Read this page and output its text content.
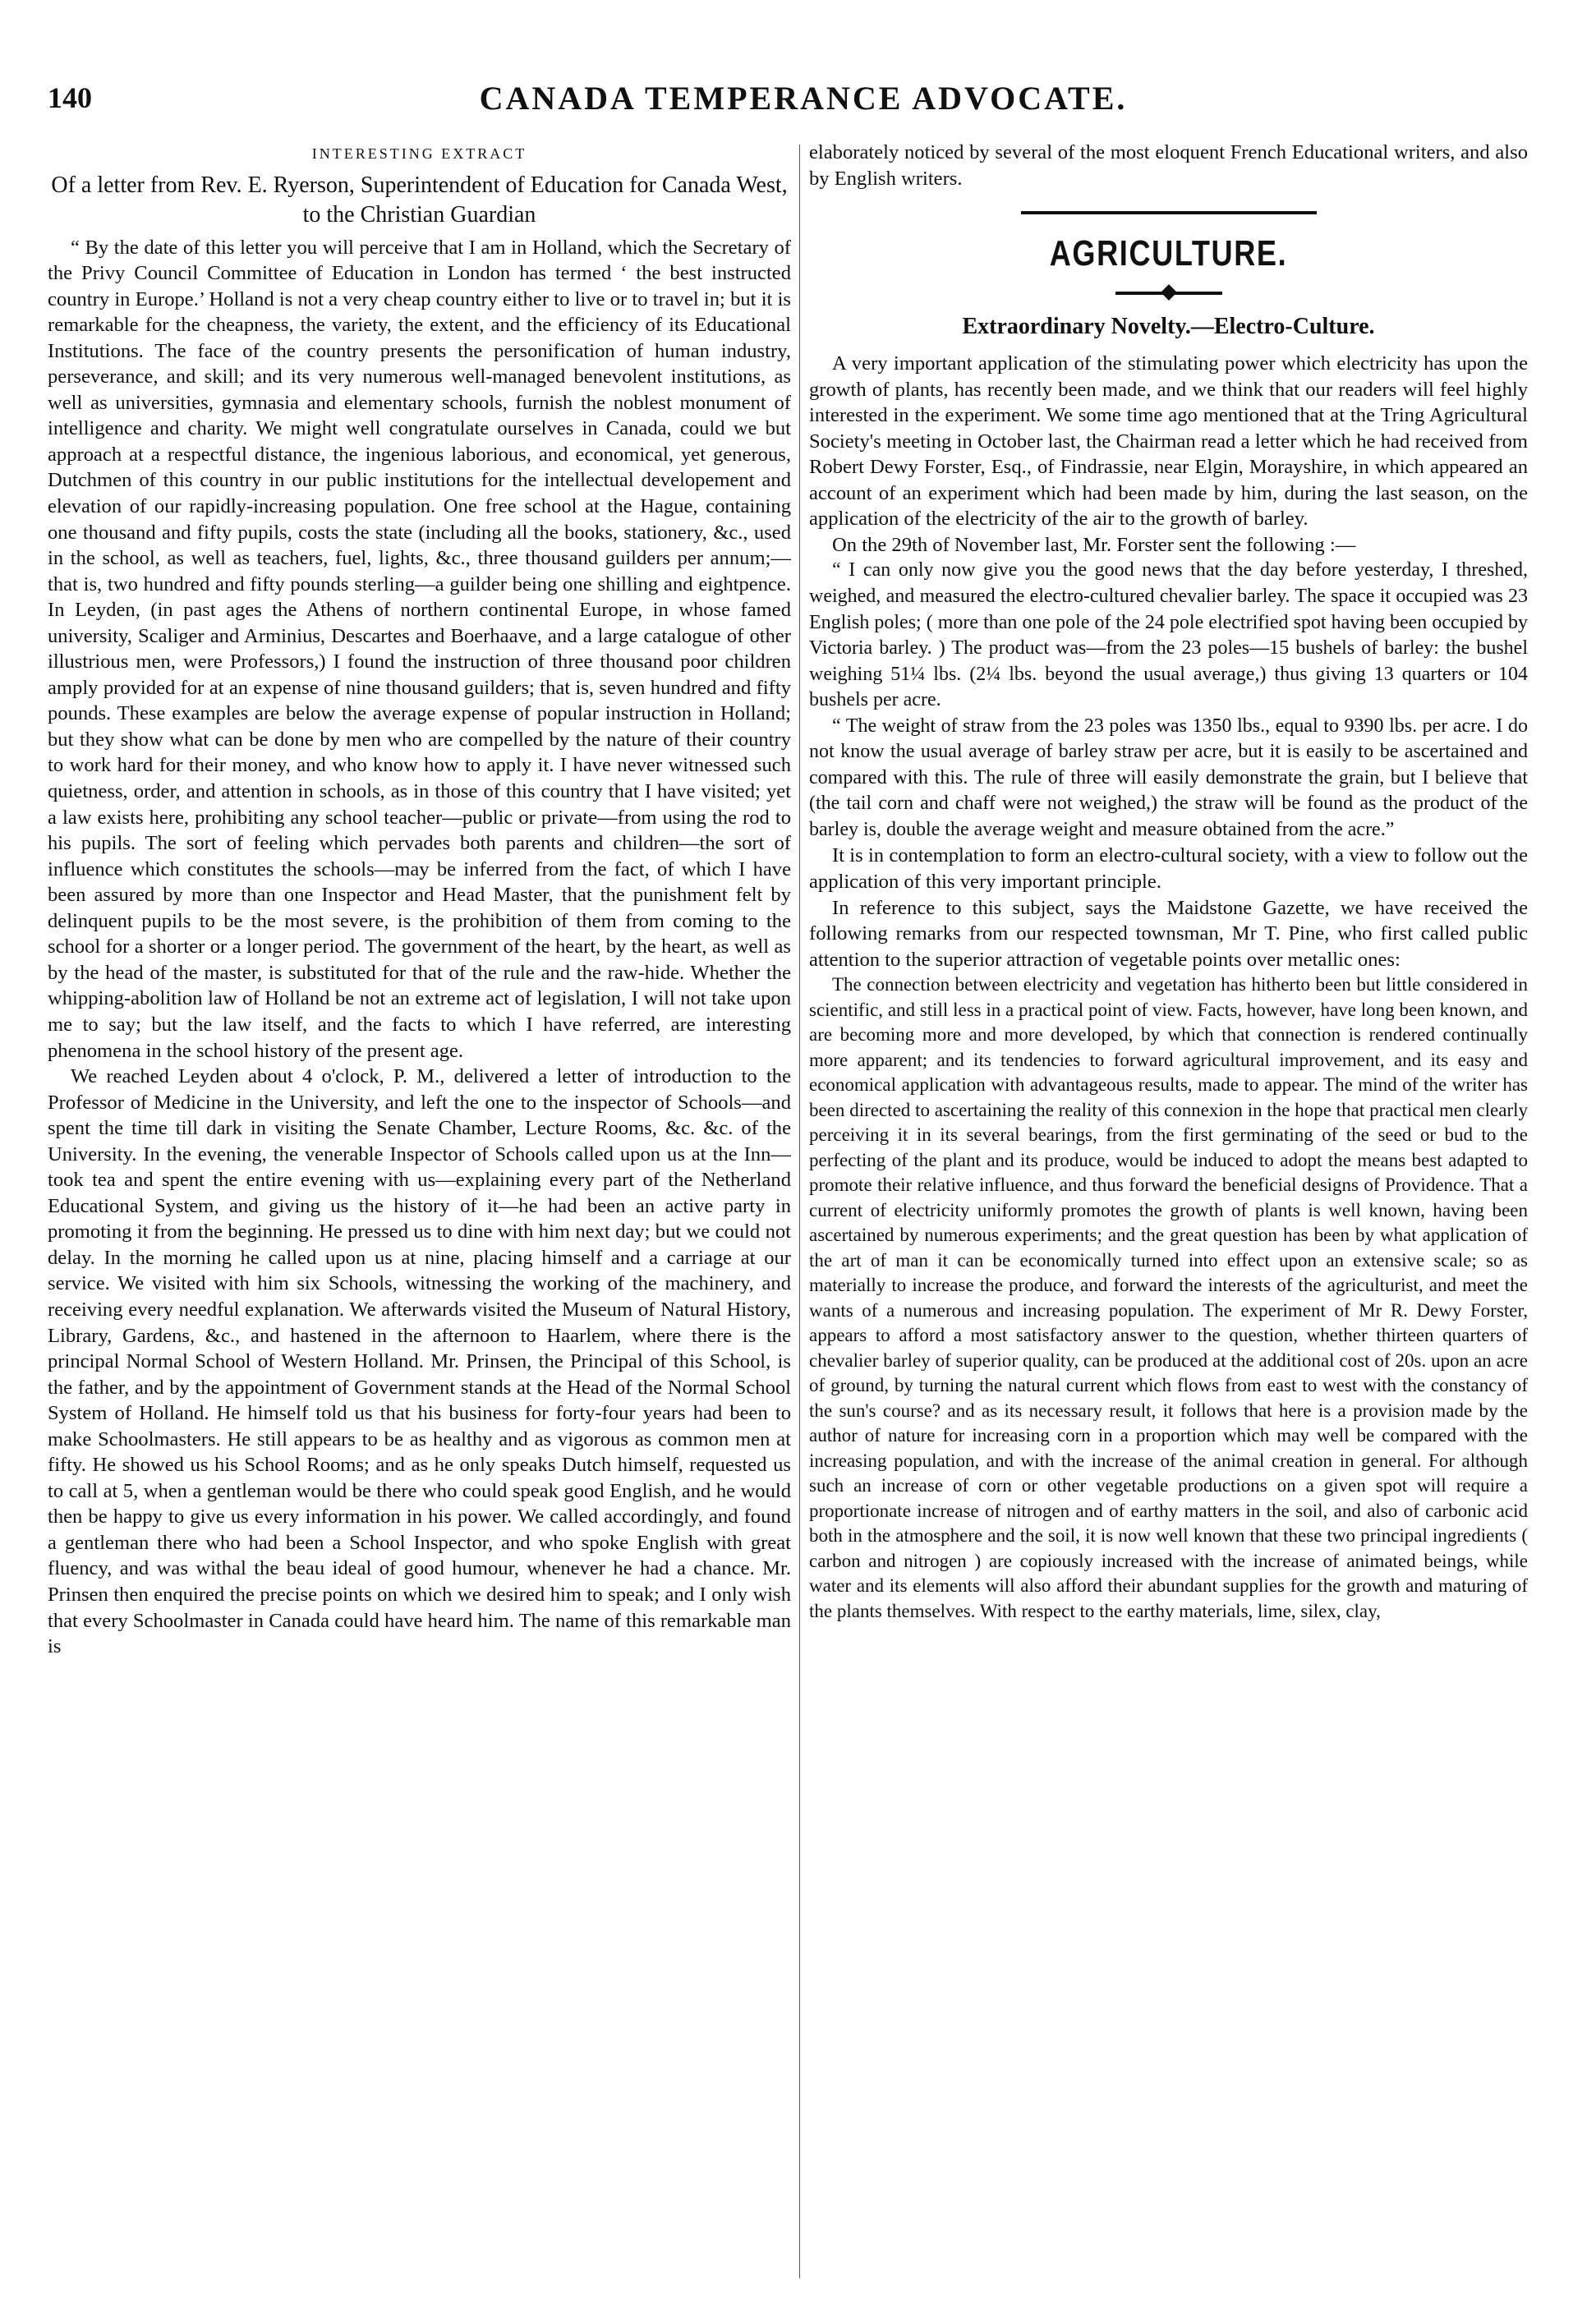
140	CANADA TEMPERANCE ADVOCATE.

INTERESTING EXTRACT

Of a letter from Rev. E. Ryerson, Superintendent of Education for Canada West, to the Christian Guardian

“ By the date of this letter you will perceive that I am in Holland, which the Secretary of the Privy Council Committee of Education in London has termed ‘ the best instructed country in Europe.’ Holland is not a very cheap country either to live or to travel in; but it is remarkable for the cheapness, the variety, the extent, and the efficiency of its Educational Institutions. The face of the country presents the personification of human industry, perseverance, and skill; and its very numerous well-managed benevolent institutions, as well as universities, gymnasia and elementary schools, furnish the noblest monument of intelligence and charity. We might well congratulate ourselves in Canada, could we but approach at a respectful distance, the ingenious laborious, and economical, yet generous, Dutchmen of this country in our public institutions for the intellectual developement and elevation of our rapidly-increasing population. One free school at the Hague, containing one thousand and fifty pupils, costs the state (including all the books, stationery, &c., used in the school, as well as teachers, fuel, lights, &c., three thousand guilders per annum;—that is, two hundred and fifty pounds sterling—a guilder being one shilling and eightpence. In Leyden, (in past ages the Athens of northern continental Europe, in whose famed university, Scaliger and Arminius, Descartes and Boerhaave, and a large catalogue of other illustrious men, were Professors,) I found the instruction of three thousand poor children amply provided for at an expense of nine thousand guilders; that is, seven hundred and fifty pounds. These examples are below the average expense of popular instruction in Holland; but they show what can be done by men who are compelled by the nature of their country to work hard for their money, and who know how to apply it. I have never witnessed such quietness, order, and attention in schools, as in those of this country that I have visited; yet a law exists here, prohibiting any school teacher—public or private—from using the rod to his pupils. The sort of feeling which pervades both parents and children—the sort of influence which constitutes the schools—may be inferred from the fact, of which I have been assured by more than one Inspector and Head Master, that the punishment felt by delinquent pupils to be the most severe, is the prohibition of them from coming to the school for a shorter or a longer period. The government of the heart, by the heart, as well as by the head of the master, is substituted for that of the rule and the raw-hide. Whether the whipping-abolition law of Holland be not an extreme act of legislation, I will not take upon me to say; but the law itself, and the facts to which I have referred, are interesting phenomena in the school history of the present age.

We reached Leyden about 4 o'clock, P. M., delivered a letter of introduction to the Professor of Medicine in the University, and left the one to the inspector of Schools—and spent the time till dark in visiting the Senate Chamber, Lecture Rooms, &c. &c. of the University. In the evening, the venerable Inspector of Schools called upon us at the Inn—took tea and spent the entire evening with us—explaining every part of the Netherland Educational System, and giving us the history of it—he had been an active party in promoting it from the beginning. He pressed us to dine with him next day; but we could not delay. In the morning he called upon us at nine, placing himself and a carriage at our service. We visited with him six Schools, witnessing the working of the machinery, and receiving every needful explanation. We afterwards visited the Museum of Natural History, Library, Gardens, &c., and hastened in the afternoon to Haarlem, where there is the principal Normal School of Western Holland. Mr. Prinsen, the Principal of this School, is the father, and by the appointment of Government stands at the Head of the Normal School System of Holland. He himself told us that his business for forty-four years had been to make Schoolmasters. He still appears to be as healthy and as vigorous as common men at fifty. He showed us his School Rooms; and as he only speaks Dutch himself, requested us to call at 5, when a gentleman would be there who could speak good English, and he would then be happy to give us every information in his power. We called accordingly, and found a gentleman there who had been a School Inspector, and who spoke English with great fluency, and was withal the beau ideal of good humour, whenever he had a chance. Mr. Prinsen then enquired the precise points on which we desired him to speak; and I only wish that every Schoolmaster in Canada could have heard him. The name of this remarkable man is

elaborately noticed by several of the most eloquent French Educational writers, and also by English writers.

AGRICULTURE.

Extraordinary Novelty.—Electro-Culture.

A very important application of the stimulating power which electricity has upon the growth of plants, has recently been made, and we think that our readers will feel highly interested in the experiment. We some time ago mentioned that at the Tring Agricultural Society's meeting in October last, the Chairman read a letter which he had received from Robert Dewy Forster, Esq., of Findrassie, near Elgin, Morayshire, in which appeared an account of an experiment which had been made by him, during the last season, on the application of the electricity of the air to the growth of barley.

On the 29th of November last, Mr. Forster sent the following :—

“ I can only now give you the good news that the day before yesterday, I threshed, weighed, and measured the electro-cultured chevalier barley. The space it occupied was 23 English poles; ( more than one pole of the 24 pole electrified spot having been occupied by Victoria barley. ) The product was—from the 23 poles—15 bushels of barley: the bushel weighing 51¼ lbs. (2¼ lbs. beyond the usual average,) thus giving 13 quarters or 104 bushels per acre.

“ The weight of straw from the 23 poles was 1350 lbs., equal to 9390 lbs. per acre. I do not know the usual average of barley straw per acre, but it is easily to be ascertained and compared with this. The rule of three will easily demonstrate the grain, but I believe that (the tail corn and chaff were not weighed,) the straw will be found as the product of the barley is, double the average weight and measure obtained from the acre.”

It is in contemplation to form an electro-cultural society, with a view to follow out the application of this very important principle.

In reference to this subject, says the Maidstone Gazette, we have received the following remarks from our respected townsman, Mr T. Pine, who first called public attention to the superior attraction of vegetable points over metallic ones:

The connection between electricity and vegetation has hitherto been but little considered in scientific, and still less in a practical point of view. Facts, however, have long been known, and are becoming more and more developed, by which that connection is rendered continually more apparent; and its tendencies to forward agricultural improvement, and its easy and economical application with advantageous results, made to appear. The mind of the writer has been directed to ascertaining the reality of this connexion in the hope that practical men clearly perceiving it in its several bearings, from the first germinating of the seed or bud to the perfecting of the plant and its produce, would be induced to adopt the means best adapted to promote their relative influence, and thus forward the beneficial designs of Providence. That a current of electricity uniformly promotes the growth of plants is well known, having been ascertained by numerous experiments; and the great question has been by what application of the art of man it can be economically turned into effect upon an extensive scale; so as materially to increase the produce, and forward the interests of the agriculturist, and meet the wants of a numerous and increasing population. The experiment of Mr R. Dewy Forster, appears to afford a most satisfactory answer to the question, whether thirteen quarters of chevalier barley of superior quality, can be produced at the additional cost of 20s. upon an acre of ground, by turning the natural current which flows from east to west with the constancy of the sun's course? and as its necessary result, it follows that here is a provision made by the author of nature for increasing corn in a proportion which may well be compared with the increasing population, and with the increase of the animal creation in general. For although such an increase of corn or other vegetable productions on a given spot will require a proportionate increase of nitrogen and of earthy matters in the soil, and also of carbonic acid both in the atmosphere and the soil, it is now well known that these two principal ingredients ( carbon and nitrogen ) are copiously increased with the increase of animated beings, while water and its elements will also afford their abundant supplies for the growth and maturing of the plants themselves. With respect to the earthy materials, lime, silex, clay,
